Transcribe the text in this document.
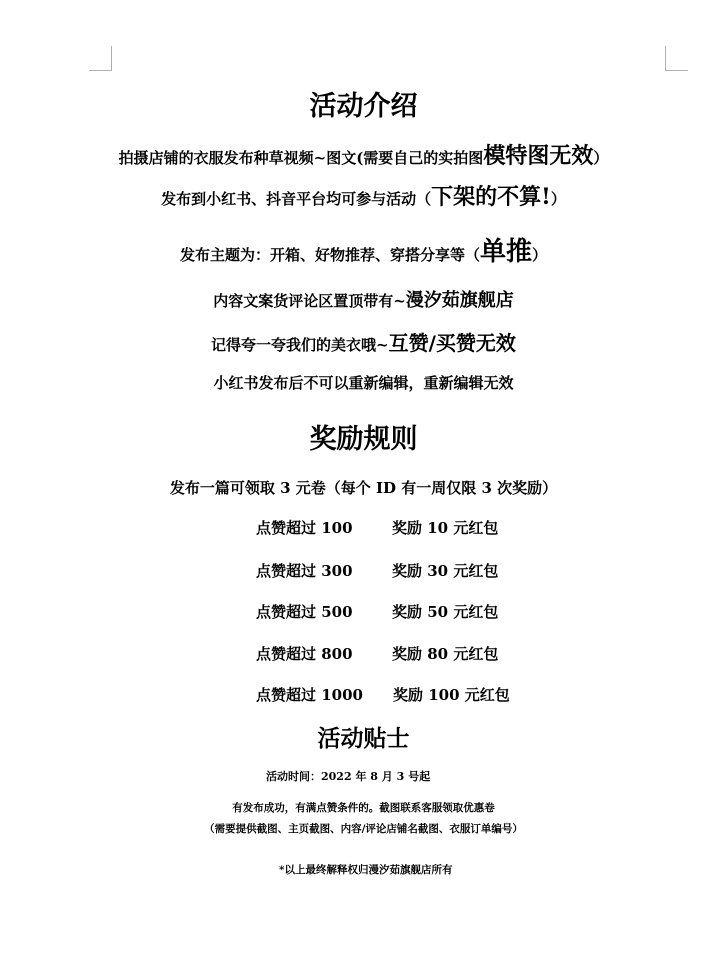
活动介绍
拍摄店铺的衣服发布种草视频~图文(需要自己的实拍图模特图无效）
发布到小红书、抖音平台均可参与活动（下架的不算!）
发布主题为：开箱、好物推荐、穿搭分享等（单推）
内容文案货评论区置顶带有~漫汐茹旗舰店
记得夸一夸我们的美衣哦~互赞/买赞无效
小红书发布后不可以重新编辑，重新编辑无效
奖励规则
发布一篇可领取 3 元卷（每个 ID 有一周仅限 3 次奖励）
点赞超过 100	奖励 10 元红包
点赞超过 300	奖励 30 元红包
点赞超过 500	奖励 50 元红包
点赞超过 800	奖励 80 元红包
点赞超过 1000 奖励 100 元红包
活动贴士
活动时间：2022 年 8 月 3 号起
有发布成功，有满点赞条件的。截图联系客服领取优惠卷
（需要提供截图、主页截图、内容/评论店铺名截图、衣服订单编号）
*以上最终解释权归漫汐茹旗舰店所有
